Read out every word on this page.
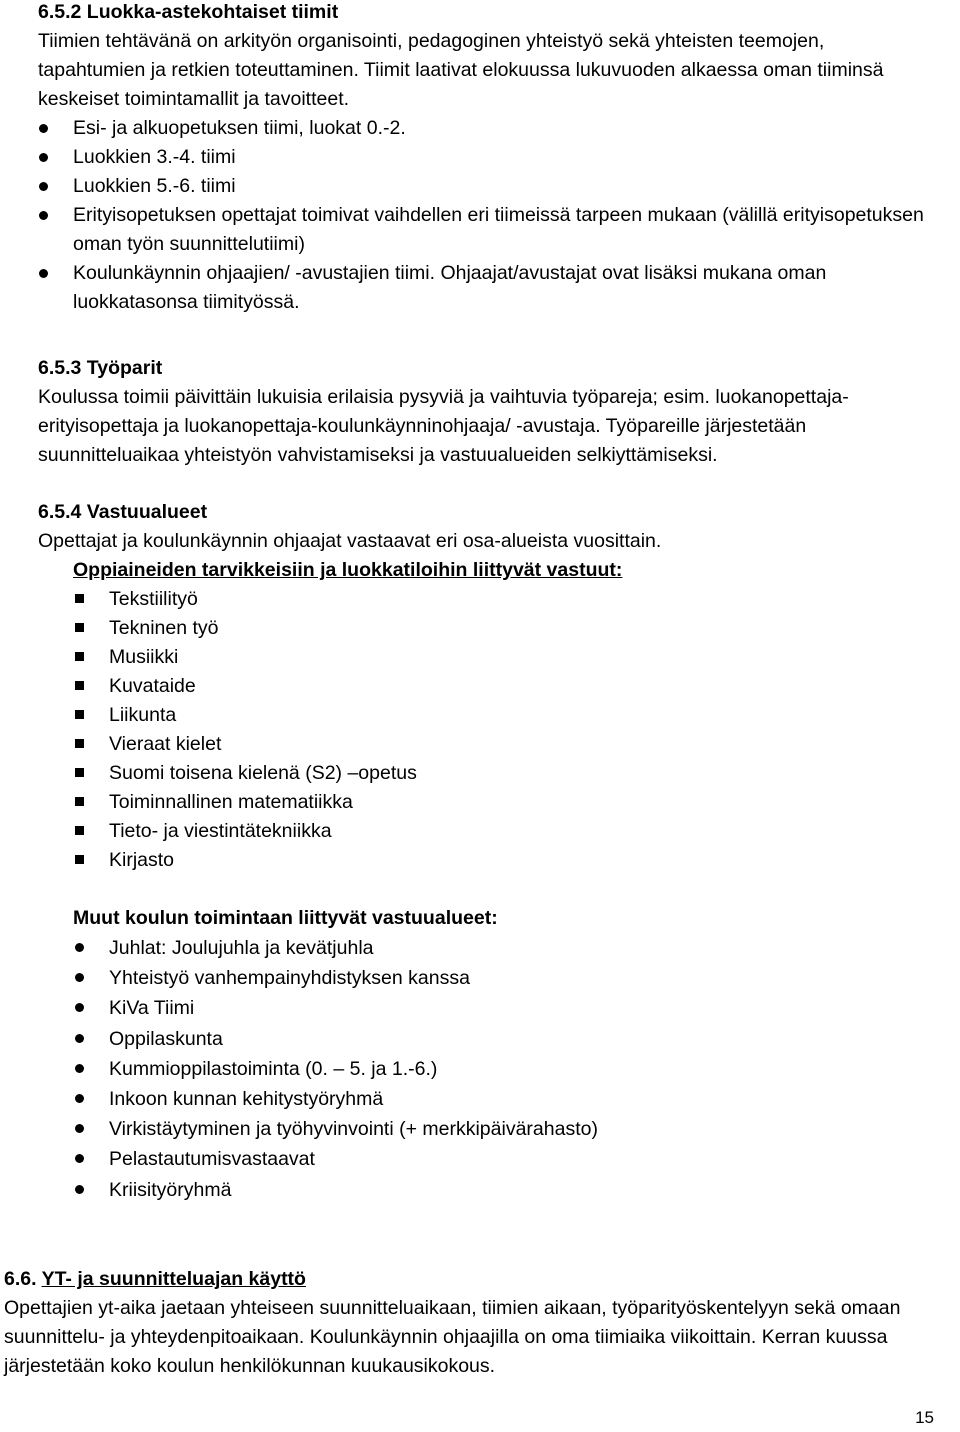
6.5.2 Luokka-astekohtaiset tiimit
Tiimien tehtävänä on arkityön organisointi, pedagoginen yhteistyö sekä yhteisten teemojen, tapahtumien ja retkien toteuttaminen. Tiimit laativat elokuussa lukuvuoden alkaessa oman tiiminsä keskeiset toimintamallit ja tavoitteet.
Esi- ja alkuopetuksen tiimi, luokat 0.-2.
Luokkien 3.-4. tiimi
Luokkien 5.-6. tiimi
Erityisopetuksen opettajat toimivat vaihdellen eri tiimeissä tarpeen mukaan (välillä erityisopetuksen oman työn suunnittelutiimi)
Koulunkäynnin ohjaajien/ -avustajien tiimi. Ohjaajat/avustajat ovat lisäksi mukana oman luokkatasonsa tiimityössä.
6.5.3 Työparit
Koulussa toimii päivittäin lukuisia erilaisia pysyviä ja vaihtuvia työpareja; esim. luokanopettaja-erityisopettaja ja luokanopettaja-koulunkäynninohjaaja/ -avustaja. Työpareille järjestetään suunnitteluaikaa yhteistyön vahvistamiseksi ja vastuualueiden selkiyttämiseksi.
6.5.4 Vastuualueet
Opettajat ja koulunkäynnin ohjaajat vastaavat eri osa-alueista vuosittain.
Oppiaineiden tarvikkeisiin ja luokkatiloihin liittyvät vastuut:
Tekstiilityö
Tekninen työ
Musiikki
Kuvataide
Liikunta
Vieraat kielet
Suomi toisena kielenä (S2) –opetus
Toiminnallinen matematiikka
Tieto- ja viestintätekniikka
Kirjasto
Muut koulun toimintaan liittyvät vastuualueet:
Juhlat: Joulujuhla ja kevätjuhla
Yhteistyö vanhempainyhdistyksen kanssa
KiVa Tiimi
Oppilaskunta
Kummioppilastoiminta (0. – 5. ja 1.-6.)
Inkoon kunnan kehitystyöryhmä
Virkistäytyminen ja työhyvinvointi (+ merkkipäivärahasto)
Pelastautumisvastaavat
Kriisityöryhmä
6.6. YT- ja suunnitteluajan käyttö
Opettajien yt-aika jaetaan yhteiseen suunnitteluaikaan, tiimien aikaan, työparityöskentelyyn sekä omaan suunnittelu- ja yhteydenpitoaikaan. Koulunkäynnin ohjaajilla on oma tiimiaika viikoittain. Kerran kuussa järjestetään koko koulun henkilökunnan kuukausikokous.
15
